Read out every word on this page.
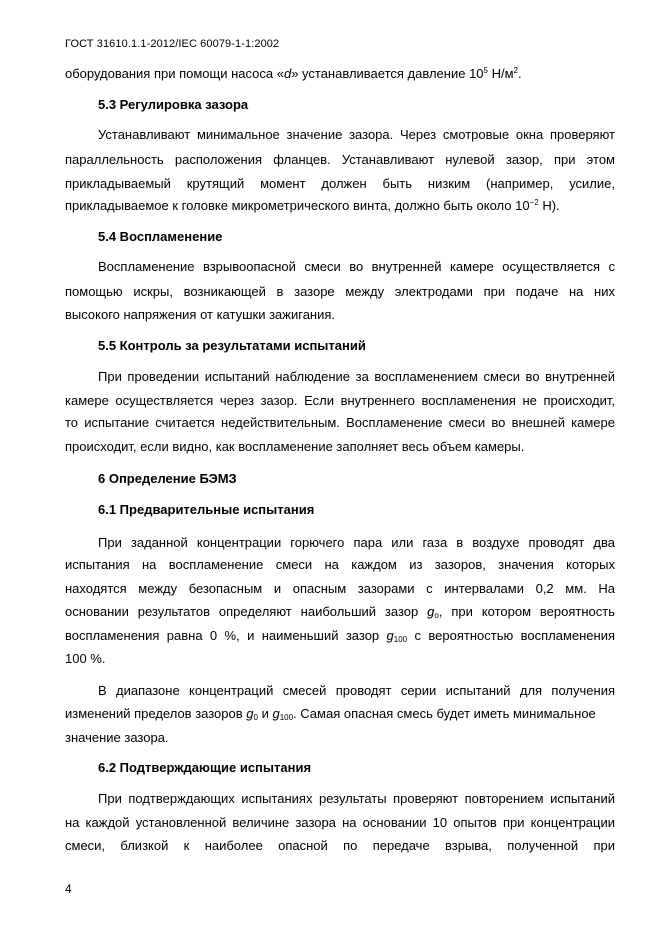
ГОСТ 31610.1.1-2012/IEC 60079-1-1:2002
оборудования при помощи насоса «d» устанавливается давление $10^5$ $Н/м^2$.
5.3 Регулировка зазора
Устанавливают минимальное значение зазора. Через смотровые окна проверяют
параллельность расположения фланцев. Устанавливают нулевой зазор, при этом
прикладываемый крутящий момент должен быть низким (например, усилие,
прикладываемое к головке микрометрического винта, должно быть около $10^{-2}$ Н).
5.4 Воспламенение
Воспламенение взрывоопасной смеси во внутренней камере осуществляется с
помощью искры, возникающей в зазоре между электродами при подаче на них
высокого напряжения от катушки зажигания.
5.5 Контроль за результатами испытаний
При проведении испытаний наблюдение за воспламенением смеси во внутренней
камере осуществляется через зазор. Если внутреннего воспламенения не происходит,
то испытание считается недействительным. Воспламенение смеси во внешней камере
происходит, если видно, как воспламенение заполняет весь объем камеры.
6 Определение БЭМЗ
6.1 Предварительные испытания
При заданной концентрации горючего пара или газа в воздухе проводят два
испытания на воспламенение смеси на каждом из зазоров, значения которых
находятся между безопасным и опасным зазорами с интервалами 0,2 мм. На
основании результатов определяют наибольший зазор $g_o$, при котором вероятность
воспламенения равна 0 %, и наименьший зазор $g_{100}$ с вероятностью воспламенения
100 %.
В диапазоне концентраций смесей проводят серии испытаний для получения
изменений пределов зазоров $g_0$ и $g_{100}$. Самая опасная смесь будет иметь минимальное
значение зазора.
6.2 Подтверждающие испытания
При подтверждающих испытаниях результаты проверяют повторением испытаний
на каждой установленной величине зазора на основании 10 опытов при концентрации
смеси, близкой к наиболее опасной по передаче взрыва, полученной при
4
